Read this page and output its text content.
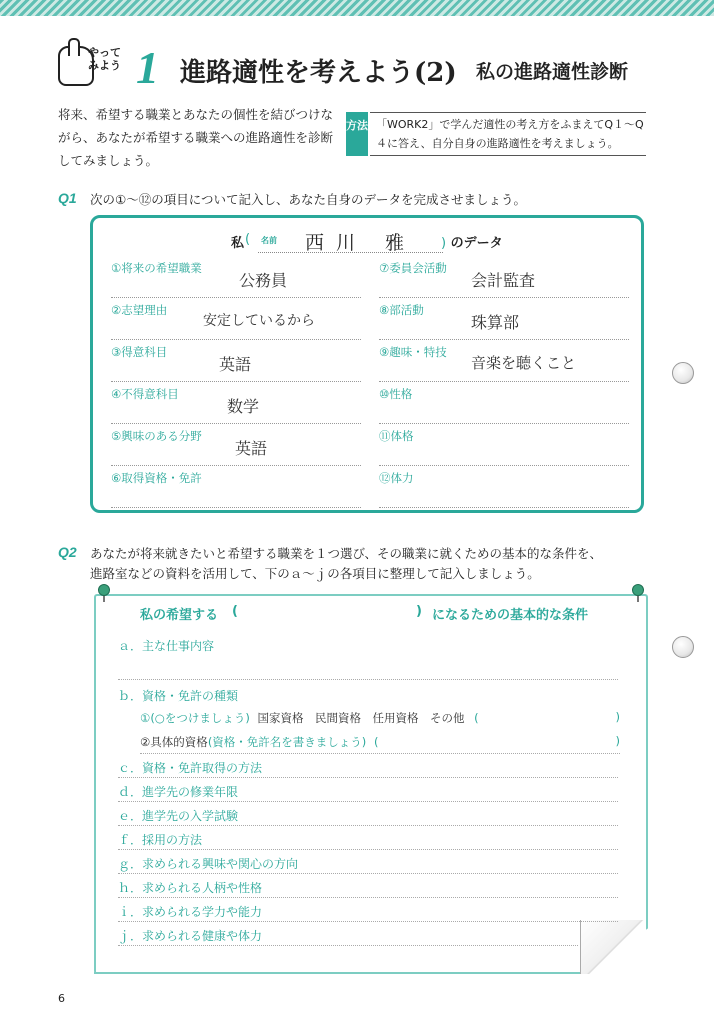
やって みよう 1 進路適性を考えよう(2) 私の進路適性診断
将来、希望する職業とあなたの個性を結びつけながら、あなたが希望する職業への進路適性を診断してみましょう。
方法 「WORK2」で学んだ適性の考え方をふまえてQ１～Q４に答え、自分自身の進路適性を考えましょう。
Q1 次の①～⑫の項目について記入し、あなた自身のデータを完成させましょう。
私 ( 名前 西川 雅 ) のデータ
①将来の希望職業
公務員
②志望理由
安定しているから
③得意科目
英語
④不得意科目
数学
⑤興味のある分野
英語
⑥取得資格・免許
⑦委員会活動
会計監査
⑧部活動
珠算部
⑨趣味・特技
音楽を聴くこと
⑩性格
⑪体格
⑫体力
Q2 あなたが将来就きたいと希望する職業を１つ選び、その職業に就くための基本的な条件を、
進路室などの資料を活用して、下のａ～ｊの各項目に整理して記入しましょう。
私の希望する (	) になるための基本的な条件
ａ．主な仕事内容
ｂ．資格・免許の種類
①(○をつけましょう) 国家資格　民間資格　任用資格　その他 (	)
②具体的資格(資格・免許名を書きましょう) (	)
ｃ．資格・免許取得の方法
ｄ．進学先の修業年限
ｅ．進学先の入学試験
ｆ．採用の方法
ｇ．求められる興味や関心の方向
ｈ．求められる人柄や性格
ｉ．求められる学力や能力
ｊ．求められる健康や体力
6
